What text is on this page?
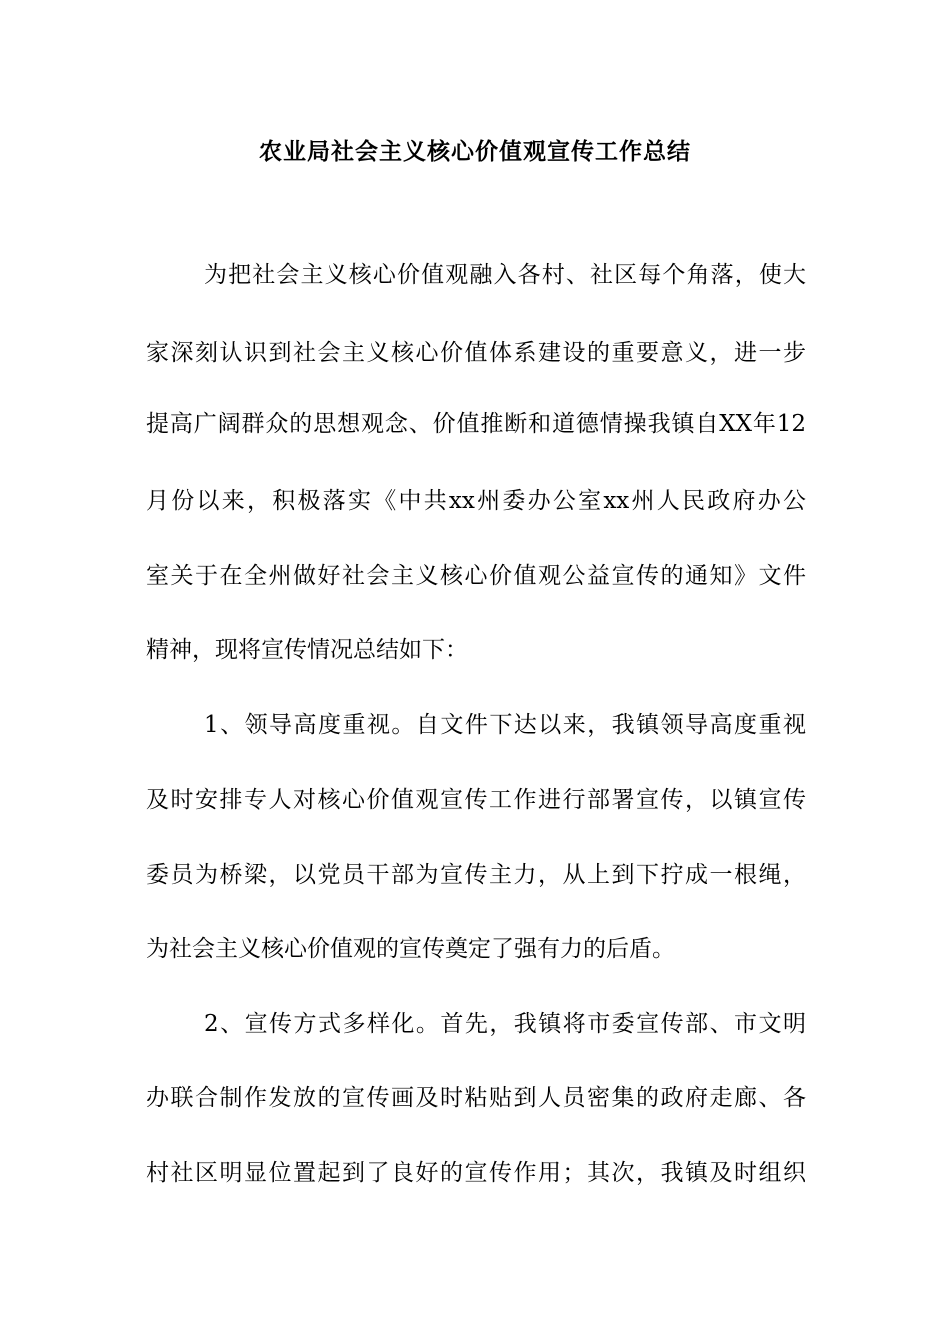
农业局社会主义核心价值观宣传工作总结
为把社会主义核心价值观融入各村、社区每个角落，使大
家深刻认识到社会主义核心价值体系建设的重要意义，进一步
提高广阔群众的思想观念、价值推断和道德情操我镇自XX年12
月份以来，积极落实《中共xx州委办公室xx州人民政府办公
室关于在全州做好社会主义核心价值观公益宣传的通知》文件
精神，现将宣传情况总结如下：
1、领导高度重视。自文件下达以来，我镇领导高度重视
及时安排专人对核心价值观宣传工作进行部署宣传，以镇宣传
委员为桥梁，以党员干部为宣传主力，从上到下拧成一根绳，
为社会主义核心价值观的宣传奠定了强有力的后盾。
2、宣传方式多样化。首先，我镇将市委宣传部、市文明
办联合制作发放的宣传画及时粘贴到人员密集的政府走廊、各
村社区明显位置起到了良好的宣传作用；其次，我镇及时组织
